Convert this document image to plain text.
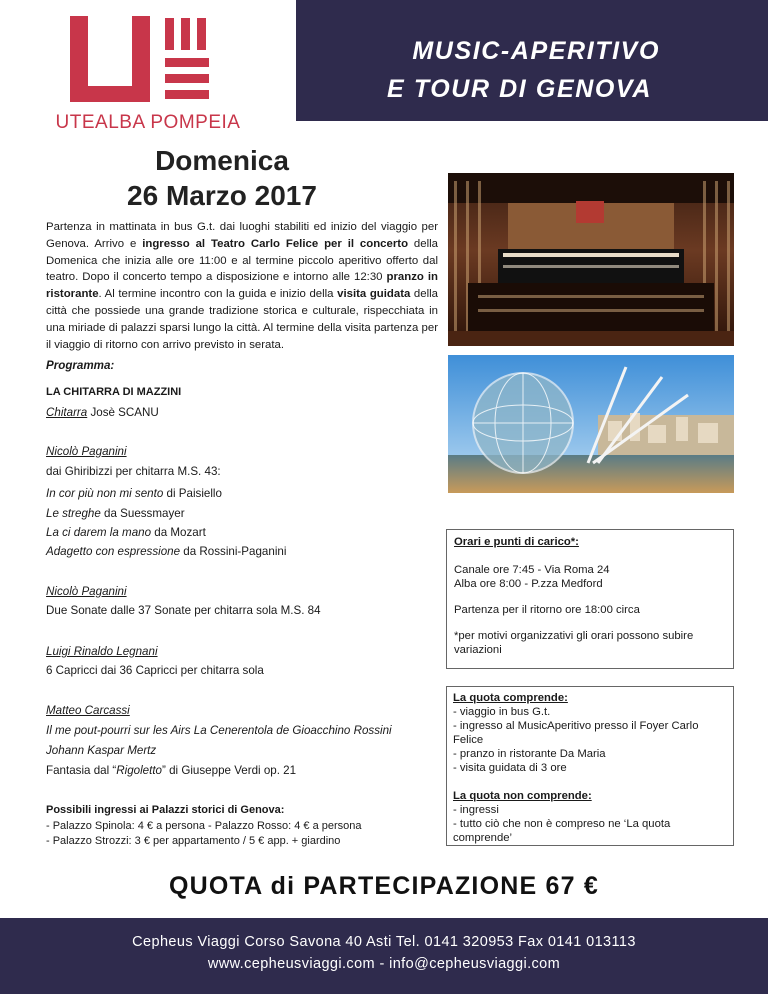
UTEALBA POMPEIA
MUSIC-APERITIVO
E TOUR DI GENOVA
Domenica
26 Marzo 2017
Partenza in mattinata in bus G.t. dai luoghi stabiliti ed inizio del viaggio per Genova. Arrivo e ingresso al Teatro Carlo Felice per il concerto della Domenica che inizia alle ore 11:00 e al termine piccolo aperitivo offerto dal teatro. Dopo il concerto tempo a disposizione e intorno alle 12:30 pranzo in ristorante. Al termine incontro con la guida e inizio della visita guidata della città che possiede una grande tradizione storica e culturale, rispecchiata in una miriade di palazzi sparsi lungo la città. Al termine della visita partenza per il viaggio di ritorno con arrivo previsto in serata.
Programma:
LA CHITARRA DI MAZZINI
Chitarra Josè SCANU
Nicolò Paganini
dai Ghiribizzi per chitarra M.S. 43:
In cor più non mi sento di Paisiello
Le streghe da Suessmayer
La ci darem la mano da Mozart
Adagetto con espressione da Rossini-Paganini
Nicolò Paganini
Due Sonate dalle 37 Sonate per chitarra sola M.S. 84
Luigi Rinaldo Legnani
6 Capricci dai 36 Capricci per chitarra sola
Matteo Carcassi
Il me pout-pourri sur les Airs La Cenerentola de Gioacchino Rossini
Johann Kaspar Mertz
Fantasia dal “Rigoletto” di Giuseppe Verdi op. 21
Possibili ingressi ai Palazzi storici di Genova:
- Palazzo Spinola: 4 € a persona - Palazzo Rosso: 4 € a persona
- Palazzo Strozzi: 3 € per appartamento / 5 € app. + giardino
Orari e punti di carico*:
Canale ore 7:45 - Via Roma 24
Alba ore 8:00 - P.zza Medford
Partenza per il ritorno ore 18:00 circa
*per motivi organizzativi gli orari possono subire variazioni
La quota comprende:
- viaggio in bus G.t.
- ingresso al MusicAperitivo presso il Foyer Carlo Felice
- pranzo in ristorante Da Maria
- visita guidata di 3 ore
La quota non comprende:
- ingressi
- tutto ciò che non è compreso ne ‘La quota comprende’
QUOTA di PARTECIPAZIONE 67 €
Cepheus Viaggi Corso Savona 40 Asti Tel. 0141 320953 Fax 0141 013113
www.cepheusviaggi.com - info@cepheusviaggi.com
